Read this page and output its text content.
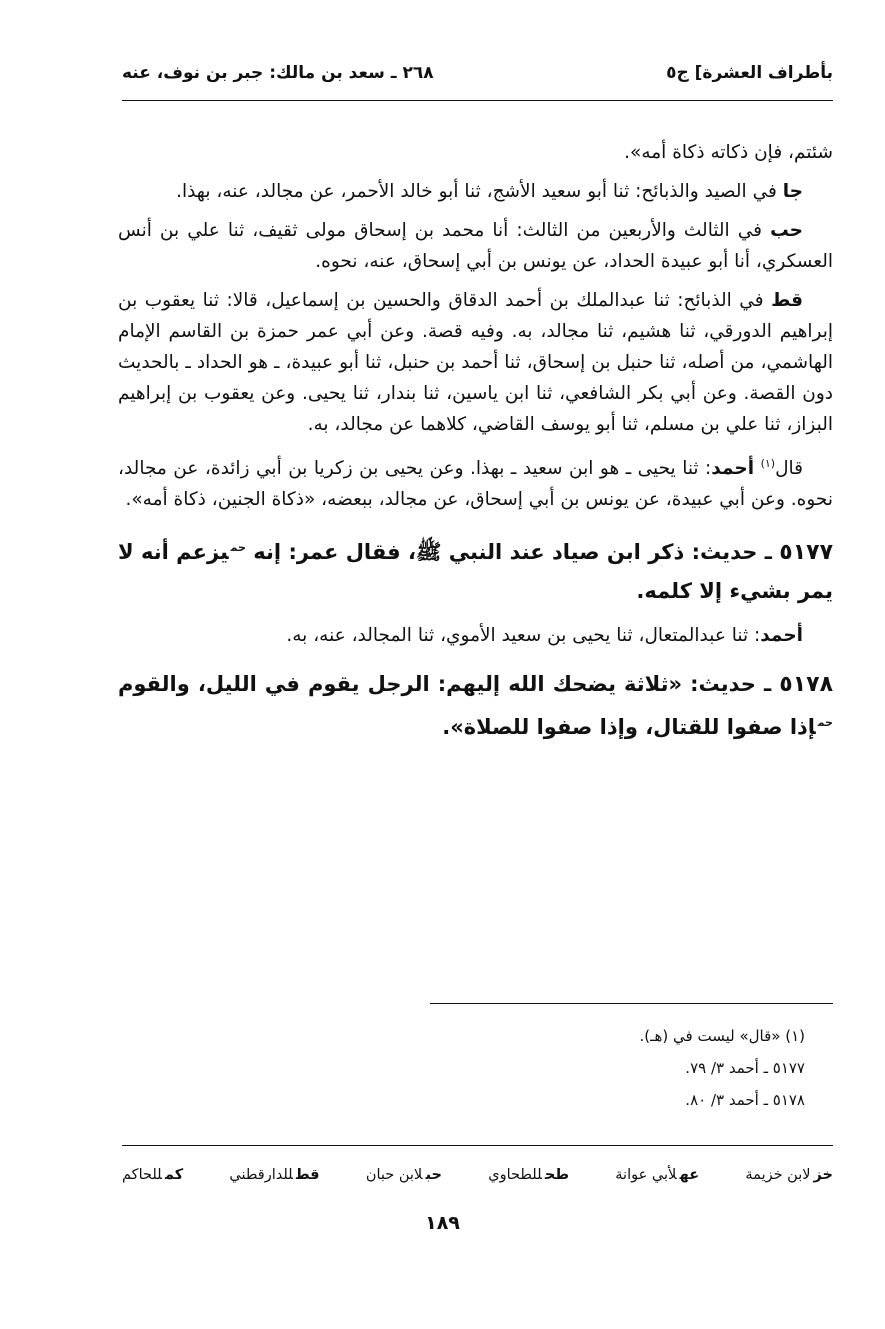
بأطراف العشرة] ج٥
٢٦٨ ـ سعد بن مالك: جبر بن نوف، عنه

شئتم، فإن ذكاته ذكاة أمه».

جا في الصيد والذبائح: ثنا أبو سعيد الأشج، ثنا أبو خالد الأحمر، عن مجالد، عنه، بهذا.

حب في الثالث والأربعين من الثالث: أنا محمد بن إسحاق مولى ثقيف، ثنا علي بن أنس العسكري، أنا أبو عبيدة الحداد، عن يونس بن أبي إسحاق، عنه، نحوه.

قط في الذبائح: ثنا عبدالملك بن أحمد الدقاق والحسين بن إسماعيل، قالا: ثنا يعقوب بن إبراهيم الدورقي، ثنا هشيم، ثنا مجالد، به. وفيه قصة. وعن أبي عمر حمزة بن القاسم الإمام الهاشمي، من أصله، ثنا حنبل بن إسحاق، ثنا أحمد بن حنبل، ثنا أبو عبيدة، ـ هو الحداد ـ بالحديث دون القصة. وعن أبي بكر الشافعي، ثنا ابن ياسين، ثنا بندار، ثنا يحيى. وعن يعقوب بن إبراهيم البزاز، ثنا علي بن مسلم، ثنا أبو يوسف القاضي، كلاهما عن مجالد، به.

قال$^{(١)}$ أحمد: ثنا يحيى ـ هو ابن سعيد ـ بهذا. وعن يحيى بن زكريا بن أبي زائدة، عن مجالد، نحوه. وعن أبي عبيدة، عن يونس بن أبي إسحاق، عن مجالد، ببعضه، «ذكاة الجنين، ذكاة أمه».

٥١٧٧ ـ حديث: ذكر ابن صياد عند النبي ﷺ، فقال عمر: إنه $^{حم}$يزعم أنه لا يمر بشيء إلا كلمه.

أحمد: ثنا عبدالمتعال، ثنا يحيى بن سعيد الأموي، ثنا المجالد، عنه، به.

٥١٧٨ ـ حديث: «ثلاثة يضحك الله إليهم: الرجل يقوم في الليل، والقوم $^{حم}$إذا صفوا للقتال، وإذا صفوا للصلاة».

(١) «قال» ليست في (هـ).
٥١٧٧ ـ أحمد ٣/ ٧٩.
٥١٧٨ ـ أحمد ٣/ ٨٠.
خزلابن خزيمة
عهلأبي عوانة
طحللطحاوي
حبلابن حبان
قطللدارقطني
كمللحاكم
١٨٩
